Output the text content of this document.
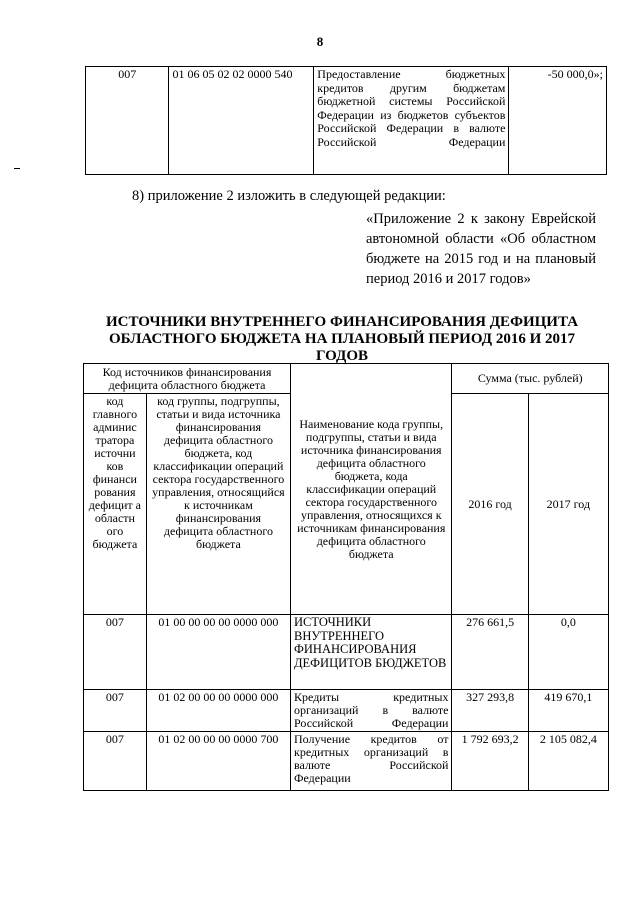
8
007	01 06 05 02 02 0000 540	Предоставление бюджетных кредитов другим бюджетам бюджетной системы Российской Федерации из бюджетов субъектов Российской Федерации в валюте Российской Федерации	-50 000,0»;
8) приложение 2 изложить в следующей редакции:
«Приложение 2 к закону Еврейской автономной области «Об областном бюджете на 2015 год и на плановый период 2016 и 2017 годов»
ИСТОЧНИКИ ВНУТРЕННЕГО ФИНАНСИРОВАНИЯ ДЕФИЦИТА ОБЛАСТНОГО БЮДЖЕТА НА ПЛАНОВЫЙ ПЕРИОД 2016 И 2017 ГОДОВ
Код источников финансирования дефицита областного бюджета		Наименование кода группы, подгруппы, статьи и вида источника финансирования дефицита областного бюджета, кода классификации операций сектора государственного управления, относящихся к источникам финансирования дефицита областного бюджета	Сумма (тыс. рублей)	
код главного админис тратора источни ков финанси рования дефицит а областн ого бюджета	код группы, подгруппы, статьи и вида источника финансирования дефицита областного бюджета, код классификации операций сектора государственного управления, относящийся к источникам финансирования дефицита областного бюджета		2016 год	2017 год
007	01 00 00 00 00 0000 000	ИСТОЧНИКИ ВНУТРЕННЕГО ФИНАНСИРОВАНИЯ ДЕФИЦИТОВ БЮДЖЕТОВ	276 661,5	0,0
007	01 02 00 00 00 0000 000	Кредиты кредитных организаций в валюте Российской Федерации	327 293,8	419 670,1
007	01 02 00 00 00 0000 700	Получение кредитов от кредитных организаций в валюте Российской Федерации	1 792 693,2	2 105 082,4
